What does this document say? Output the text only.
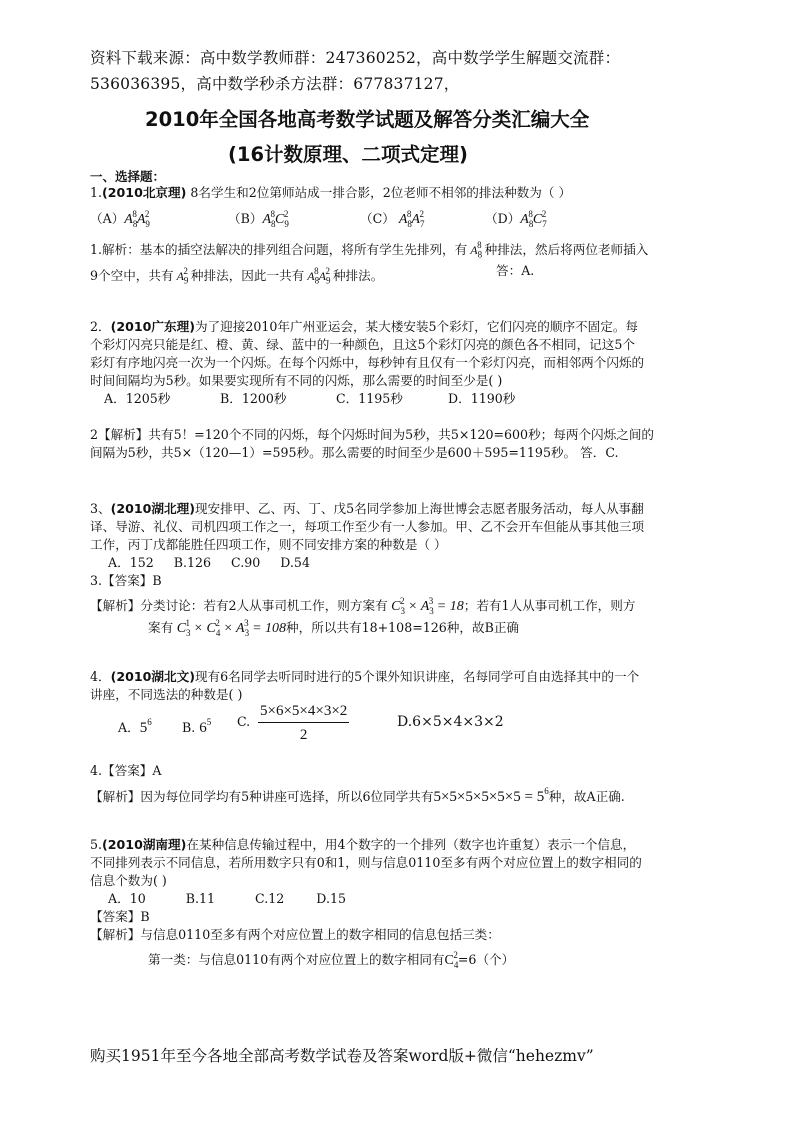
资料下载来源：高中数学教师群：247360252，高中数学学生解题交流群：
536036395，高中数学秒杀方法群：677837127，
2010年全国各地高考数学试题及解答分类汇编大全
(16计数原理、二项式定理)
一、选择题：
1.(2010北京理) 8名学生和2位第师站成一排合影，2位老师不相邻的排法种数为（ ）
$(A)A_8^8A_9^2$	$(B)A_8^8C_9^2$	（C） $A_8^8A_7^2$	$(D)A_8^8C_7^2$
1.解析：基本的插空法解决的排列组合问题，将所有学生先排列，有 $A_8^8$ 种排法，然后将两位老师插入
9个空中，共有 $A_9^2$ 种排法，因此一共有 $A_8^8A_9^2$ 种排法。	答：A.
2．(2010广东理)为了迎接2010年广州亚运会，某大楼安装5个彩灯，它们闪亮的顺序不固定。每
个彩灯闪亮只能是红、橙、黄、绿、蓝中的一种颜色，且这5个彩灯闪亮的颜色各不相同，记这5个
彩灯有序地闪亮一次为一个闪烁。在每个闪烁中，每秒钟有且仅有一个彩灯闪亮，而相邻两个闪烁的
时间间隔均为5秒。如果要实现所有不同的闪烁，那么需要的时间至少是( )
A．1205秒	B．1200秒	C．1195秒	D．1190秒
2【解析】共有5！=120个不同的闪烁，每个闪烁时间为5秒，共5×120=600秒；每两个闪烁之间的
间隔为5秒，共5×（120—1）=595秒。那么需要的时间至少是600＋595=1195秒。 答．C.
3、(2010湖北理)现安排甲、乙、丙、丁、戊5名同学参加上海世博会志愿者服务活动，每人从事翻
译、导游、礼仪、司机四项工作之一，每项工作至少有一人参加。甲、乙不会开车但能从事其他三项
工作，丙丁戊都能胜任四项工作，则不同安排方案的种数是（ ）
A．152     B.126     C.90     D.54
3.【答案】B
【解析】分类讨论：若有2人从事司机工作，则方案有 $C_3^2 \times A_3^3 = 18$；若有1人从事司机工作，则方
案有 $C_3^1 \times C_4^2 \times A_3^3 = 108$种，所以共有18+108=126种，故B正确
4．(2010湖北文)现有6名同学去听同时进行的5个课外知识讲座，名每同学可自由选择其中的一个
讲座，不同选法的种数是( )
A．$5^6$ B. $6^5$ C. $\frac{5\times 6\times 5\times 4\times 3\times 2}{2}$	D.6×5×4×3×2
4.【答案】A
【解析】因为每位同学均有5种讲座可选择，所以6位同学共有$5\times 5\times 5\times 5\times 5\times 5 = 5^6$种，故A正确.
5.(2010湖南理)在某种信息传输过程中，用4个数字的一个排列（数字也许重复）表示一个信息，
不同排列表示不同信息，若所用数字只有0和1，则与信息0110至多有两个对应位置上的数字相同的
信息个数为( )
A．10          B.11          C.12        D.15
【答案】B
【解析】与信息0110至多有两个对应位置上的数字相同的信息包括三类：
第一类：与信息0110有两个对应位置上的数字相同有$C_4^2=6$（个）
购买1951年至今各地全部高考数学试卷及答案word版+微信“hehezmv”
